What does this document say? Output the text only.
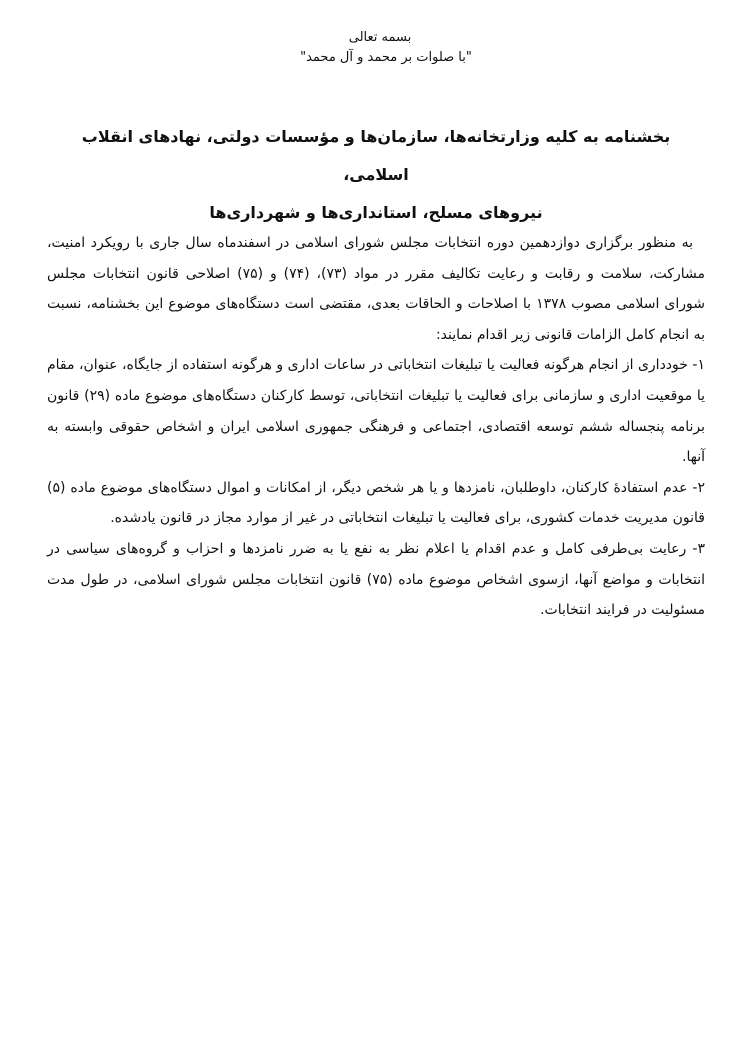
بسمه تعالی
"با صلوات بر محمد و آل محمد"
بخشنامه به کلیه وزارتخانه‌ها، سازمان‌ها و مؤسسات دولتی، نهادهای انقلاب اسلامی،
نیروهای مسلح، استانداری‌ها و شهرداری‌ها

به منظور برگزاری دوازدهمین دوره انتخابات مجلس شورای اسلامی در اسفندماه سال جاری با رویکرد امنیت، مشارکت، سلامت و رقابت و رعایت تکالیف مقرر در مواد (۷۳)، (۷۴) و (۷۵) اصلاحی قانون انتخابات مجلس شورای اسلامی مصوب ۱۳۷۸ با اصلاحات و الحاقات بعدی، مقتضی است دستگاه‌های موضوع این بخشنامه، نسبت به انجام کامل الزامات قانونی زیر اقدام نمایند:

۱- خودداری از انجام هرگونه فعالیت یا تبلیغات انتخاباتی در ساعات اداری و هرگونه استفاده از جایگاه، عنوان، مقام یا موقعیت اداری و سازمانی برای فعالیت یا تبلیغات انتخاباتی، توسط کارکنان دستگاه‌های موضوع ماده (۲۹) قانون برنامه پنجساله ششم توسعه اقتصادی، اجتماعی و فرهنگی جمهوری اسلامی ایران و اشخاص حقوقی وابسته به آنها.

۲- عدم استفادۀ کارکنان، داوطلبان، نامزدها و یا هر شخص دیگر، از امکانات و اموال دستگاه‌های موضوع ماده (۵) قانون مدیریت خدمات کشوری، برای فعالیت یا تبلیغات انتخاباتی در غیر از موارد مجاز در قانون یادشده.

۳- رعایت بی‌طرفی کامل و عدم اقدام یا اعلام نظر به نفع یا به ضرر نامزدها و احزاب و گروه‌های سیاسی در انتخابات و مواضع آنها، ازسوی اشخاص موضوع ماده (۷۵) قانون انتخابات مجلس شورای اسلامی، در طول مدت مسئولیت در فرایند انتخابات.
